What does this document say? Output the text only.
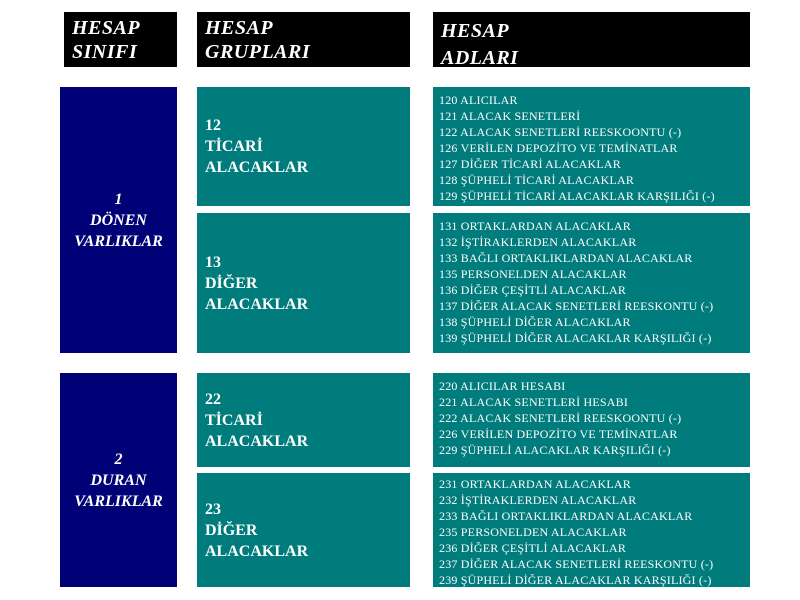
HESAP
SINIFI
HESAP
GRUPLARI
HESAP
ADLARI
1
DÖNEN
VARLIKLAR
12
TİCARİ
ALACAKLAR
13
DİĞER
ALACAKLAR
120 ALICILAR
121 ALACAK SENETLERİ
122 ALACAK SENETLERİ REESKOONTU (-)
126 VERİLEN DEPOZİTO VE TEMİNATLAR
127 DİĞER TİCARİ ALACAKLAR
128 ŞÜPHELİ TİCARİ ALACAKLAR
129 ŞÜPHELİ TİCARİ ALACAKLAR KARŞILIĞI (-)
131 ORTAKLARDAN ALACAKLAR
132 İŞTİRAKLERDEN ALACAKLAR
133 BAĞLI ORTAKLIKLARDAN ALACAKLAR
135 PERSONELDEN ALACAKLAR
136 DİĞER ÇEŞİTLİ ALACAKLAR
137 DİĞER ALACAK SENETLERİ REESKONTU (-)
138 ŞÜPHELİ DİĞER ALACAKLAR
139 ŞÜPHELİ DİĞER ALACAKLAR KARŞILIĞI (-)
2
DURAN
VARLIKLAR
22
TİCARİ
ALACAKLAR
23
DİĞER
ALACAKLAR
220 ALICILAR HESABI
221 ALACAK SENETLERİ HESABI
222 ALACAK SENETLERİ REESKOONTU (-)
226 VERİLEN DEPOZİTO VE TEMİNATLAR
229 ŞÜPHELİ ALACAKLAR KARŞILIĞI (-)
231 ORTAKLARDAN ALACAKLAR
232 İŞTİRAKLERDEN ALACAKLAR
233 BAĞLI ORTAKLIKLARDAN ALACAKLAR
235 PERSONELDEN ALACAKLAR
236 DİĞER ÇEŞİTLİ ALACAKLAR
237 DİĞER ALACAK SENETLERİ REESKONTU (-)
239 ŞÜPHELİ DİĞER ALACAKLAR KARŞILIĞI (-)
